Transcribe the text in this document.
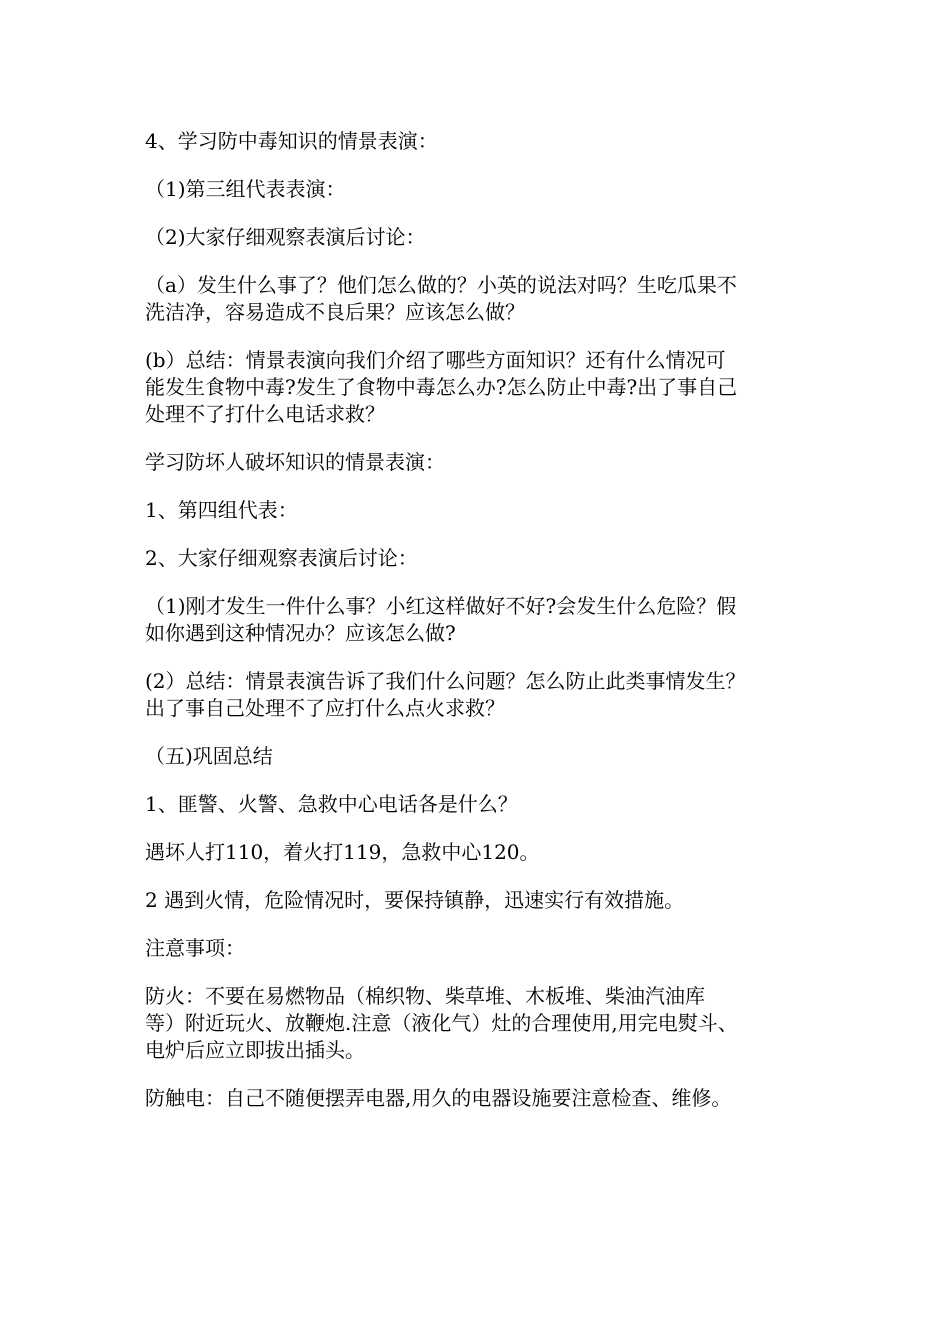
4、学习防中毒知识的情景表演：

（1)第三组代表表演：

（2)大家仔细观察表演后讨论：

（a）发生什么事了？他们怎么做的？小英的说法对吗？生吃瓜果不
洗洁净，容易造成不良后果？应该怎么做？

(b）总结：情景表演向我们介绍了哪些方面知识？还有什么情况可
能发生食物中毒?发生了食物中毒怎么办?怎么防止中毒?出了事自己
处理不了打什么电话求救？

学习防坏人破坏知识的情景表演：

1、第四组代表：

2、大家仔细观察表演后讨论：

（1)刚才发生一件什么事？小红这样做好不好?会发生什么危险？假
如你遇到这种情况办？应该怎么做?

(2）总结：情景表演告诉了我们什么问题？怎么防止此类事情发生？
出了事自己处理不了应打什么点火求救？

（五)巩固总结

1、匪警、火警、急救中心电话各是什么？

遇坏人打110，着火打119，急救中心120。

2 遇到火情，危险情况时，要保持镇静，迅速实行有效措施。

注意事项：

防火：不要在易燃物品（棉织物、柴草堆、木板堆、柴油汽油库
等）附近玩火、放鞭炮.注意（液化气）灶的合理使用,用完电熨斗、
电炉后应立即拔出插头。

防触电：自己不随便摆弄电器,用久的电器设施要注意检查、维修。
